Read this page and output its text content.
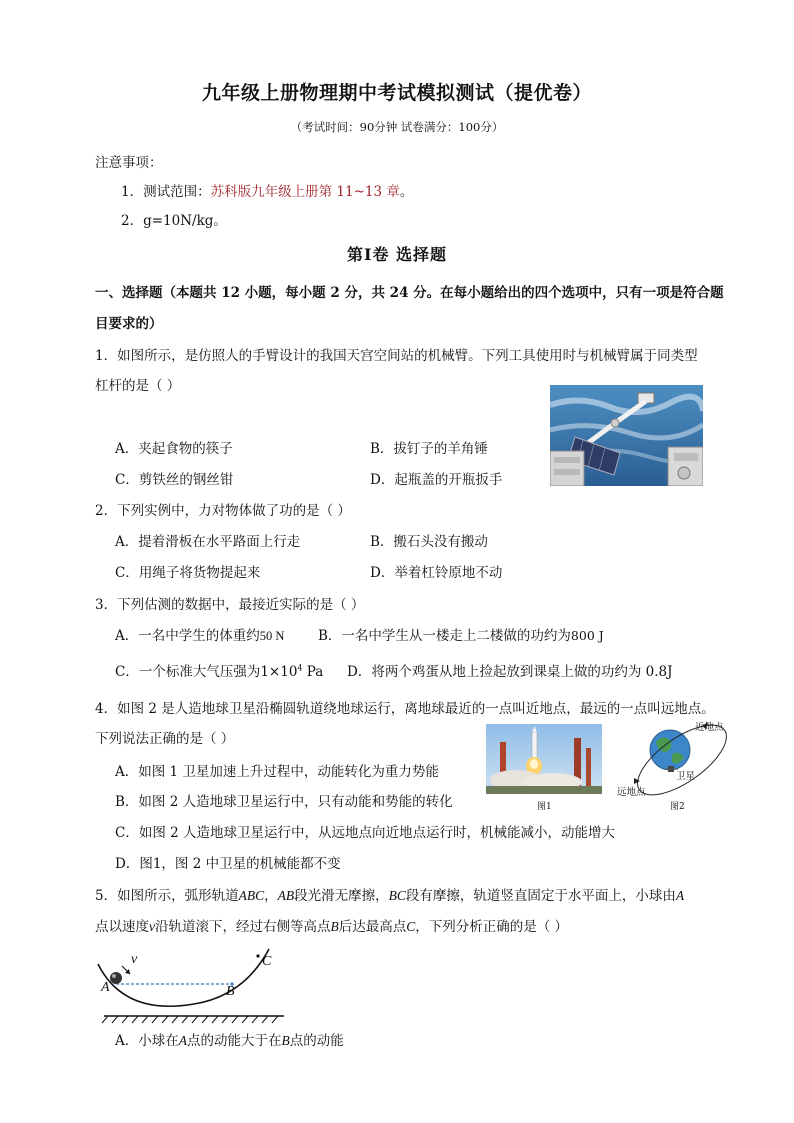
九年级上册物理期中考试模拟测试（提优卷）
（考试时间：90分钟 试卷满分：100分）
注意事项：
1．测试范围：苏科版九年级上册第 11~13 章。
2．g=10N/kg。
第Ⅰ卷 选择题
一、选择题（本题共 12 小题，每小题 2 分，共 24 分。在每小题给出的四个选项中，只有一项是符合题
目要求的）
1．如图所示，是仿照人的手臂设计的我国天宫空间站的机械臂。下列工具使用时与机械臂属于同类型
杠杆的是（ ）
A．夹起食物的筷子	B．拔钉子的羊角锤
C．剪铁丝的钢丝钳	D．起瓶盖的开瓶扳手
2．下列实例中，力对物体做了功的是（ ）
A．提着滑板在水平路面上行走	B．搬石头没有搬动
C．用绳子将货物提起来	D．举着杠铃原地不动
3．下列估测的数据中，最接近实际的是（ ）
A．一名中学生的体重约50 N B．一名中学生从一楼走上二楼做的功约为800 J
C．一个标准大气压强为$1\times 10^4$ Pa D．将两个鸡蛋从地上捡起放到课桌上做的功约为 0.8J
4．如图 2 是人造地球卫星沿椭圆轨道绕地球运行，离地球最近的一点叫近地点，最远的一点叫远地点。
下列说法正确的是（ ）
A．如图 1 卫星加速上升过程中，动能转化为重力势能
B．如图 2 人造地球卫星运行中，只有动能和势能的转化
C．如图 2 人造地球卫星运行中，从远地点向近地点运行时，机械能减小，动能增大
D．图1，图 2 中卫星的机械能都不变
图1
近地点
远地点
卫星
图2
5．如图所示，弧形轨道ABC，AB段光滑无摩擦，BC段有摩擦，轨道竖直固定于水平面上，小球由A
点以速度v沿轨道滚下，经过右侧等高点B后达最高点C，下列分析正确的是（ ）
v
A	B
C
A．小球在A点的动能大于在B点的动能
